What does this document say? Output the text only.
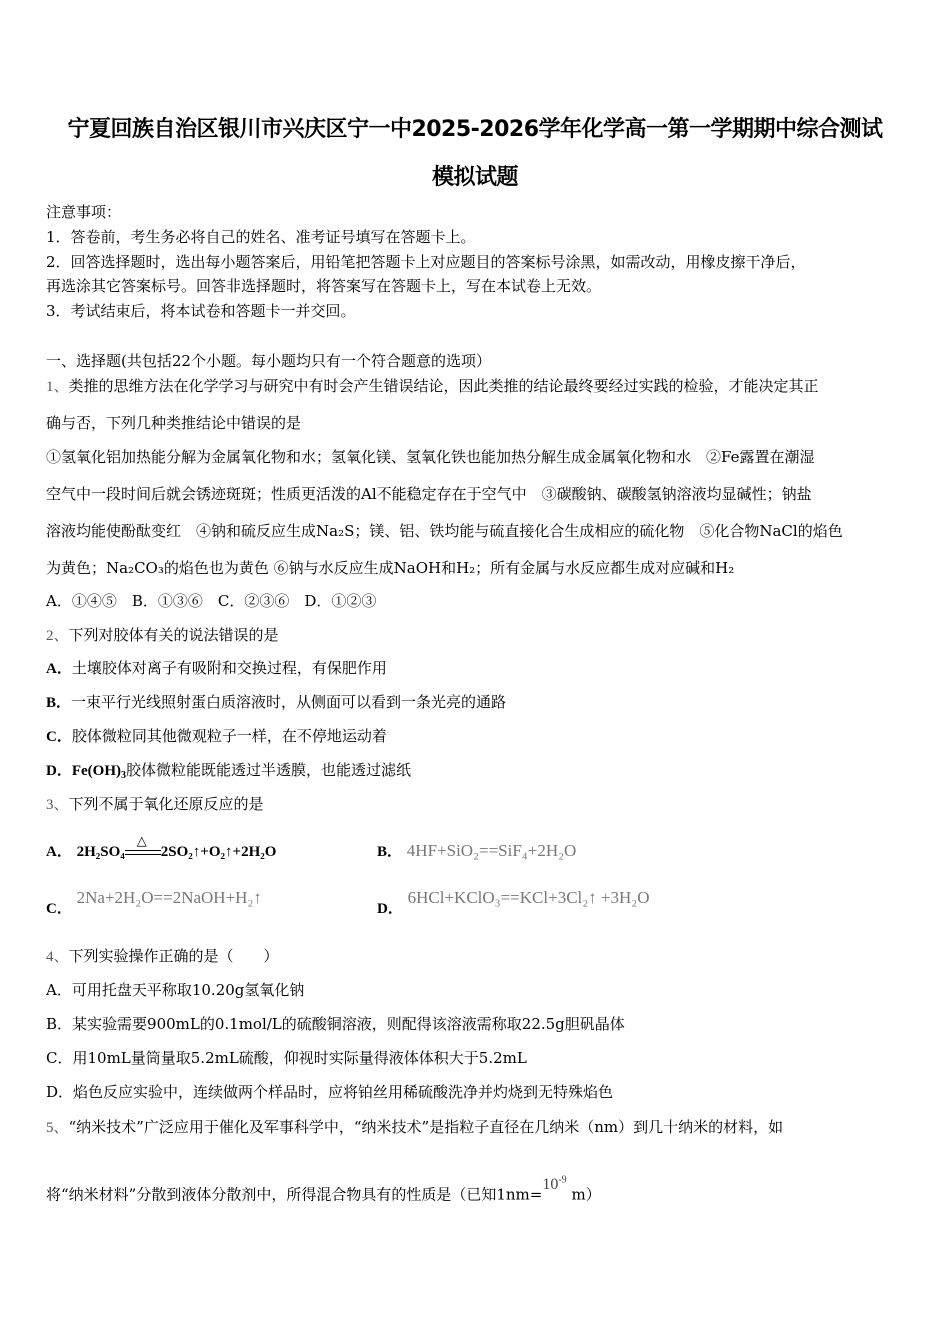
宁夏回族自治区银川市兴庆区宁一中2025-2026学年化学高一第一学期期中综合测试
模拟试题
注意事项：
1．答卷前，考生务必将自己的姓名、准考证号填写在答题卡上。
2．回答选择题时，选出每小题答案后，用铅笔把答题卡上对应题目的答案标号涂黑，如需改动，用橡皮擦干净后，
再选涂其它答案标号。回答非选择题时，将答案写在答题卡上，写在本试卷上无效。
3．考试结束后，将本试卷和答题卡一并交回。
一、选择题(共包括22个小题。每小题均只有一个符合题意的选项）
1、类推的思维方法在化学学习与研究中有时会产生错误结论，因此类推的结论最终要经过实践的检验，才能决定其正
确与否，下列几种类推结论中错误的是
①氢氧化铝加热能分解为金属氧化物和水；氢氧化镁、氢氧化铁也能加热分解生成金属氧化物和水　②Fe露置在潮湿
空气中一段时间后就会锈迹斑斑；性质更活泼的Al不能稳定存在于空气中　③碳酸钠、碳酸氢钠溶液均显碱性；钠盐
溶液均能使酚酞变红　④钠和硫反应生成Na₂S；镁、铝、铁均能与硫直接化合生成相应的硫化物　⑤化合物NaCl的焰色
为黄色；Na₂CO₃的焰色也为黄色 ⑥钠与水反应生成NaOH和H₂；所有金属与水反应都生成对应碱和H₂
A．①④⑤　B．①③⑥　C．②③⑥　D．①②③
2、下列对胶体有关的说法错误的是
A．土壤胶体对离子有吸附和交换过程，有保肥作用
B．一束平行光线照射蛋白质溶液时，从侧面可以看到一条光亮的通路
C．胶体微粒同其他微观粒子一样，在不停地运动着
D．$Fe(OH)_3$胶体微粒能既能透过半透膜，也能透过滤纸
3、下列不属于氧化还原反应的是
A． 2H₂SO₄
△
2SO₂↑+O₂↑+2H₂O	B． 4HF+SiO₂==SiF₄+2H₂O
C． 2Na+2H₂O==2NaOH+H₂↑
D． 6HCl+KClO₃==KCl+3Cl₂↑ +3H₂O
4、下列实验操作正确的是（　　）
A．可用托盘天平称取10.20g氢氧化钠
B．某实验需要900mL的0.1mol/L的硫酸铜溶液，则配得该溶液需称取22.5g胆矾晶体
C．用10mL量筒量取5.2mL硫酸，仰视时实际量得液体体积大于5.2mL
D．焰色反应实验中，连续做两个样品时，应将铂丝用稀硫酸洗净并灼烧到无特殊焰色
5、“纳米技术”广泛应用于催化及军事科学中，“纳米技术”是指粒子直径在几纳米（nm）到几十纳米的材料，如
将“纳米材料”分散到液体分散剂中，所得混合物具有的性质是（已知$1nm=10^{-9}$ m）
